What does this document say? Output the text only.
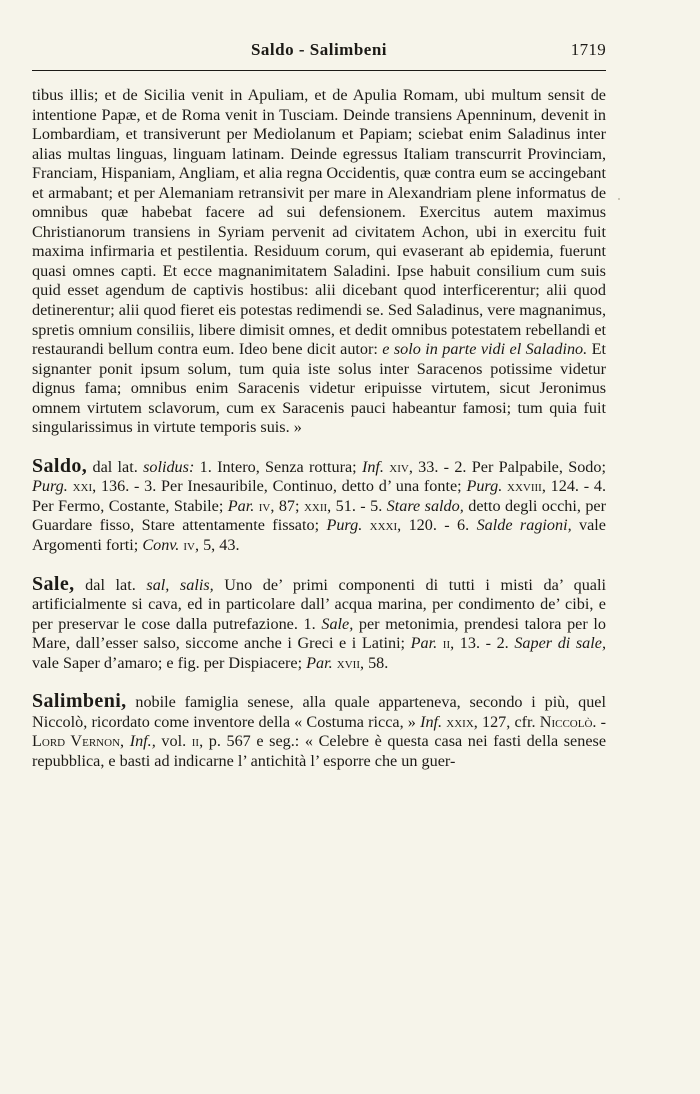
Saldo - Salimbeni	1719

tibus illis; et de Sicilia venit in Apuliam, et de Apulia Romam, ubi multum sensit de intentione Papæ, et de Roma venit in Tusciam. Deinde transiens Apenninum, devenit in Lombardiam, et transiverunt per Mediolanum et Papiam; sciebat enim Saladinus inter alias multas linguas, linguam latinam. Deinde egressus Italiam transcurrit Provinciam, Franciam, Hispaniam, Angliam, et alia regna Occidentis, quæ contra eum se accingebant et armabant; et per Alemaniam retransivit per mare in Alexandriam plene informatus de omnibus quæ habebat facere ad sui defensionem. Exercitus autem maximus Christianorum transiens in Syriam pervenit ad civitatem Achon, ubi in exercitu fuit maxima infirmaria et pestilentia. Residuum corum, qui evaserant ab epidemia, fuerunt quasi omnes capti. Et ecce magnanimitatem Saladini. Ipse habuit consilium cum suis quid esset agendum de captivis hostibus: alii dicebant quod interficerentur; alii quod detinerentur; alii quod fieret eis potestas redimendi se. Sed Saladinus, vere magnanimus, spretis omnium consiliis, libere dimisit omnes, et dedit omnibus potestatem rebellandi et restaurandi bellum contra eum. Ideo bene dicit autor: e solo in parte vidi el Saladino. Et signanter ponit ipsum solum, tum quia iste solus inter Saracenos potissime videtur dignus fama; omnibus enim Saracenis videtur eripuisse virtutem, sicut Jeronimus omnem virtutem sclavorum, cum ex Saracenis pauci habeantur famosi; tum quia fuit singularissimus in virtute temporis suis. »

Saldo, dal lat. solidus: 1. Intero, Senza rottura; Inf. xiv, 33. - 2. Per Palpabile, Sodo; Purg. xxi, 136. - 3. Per Inesauribile, Continuo, detto d’ una fonte; Purg. xxviii, 124. - 4. Per Fermo, Costante, Stabile; Par. iv, 87; xxii, 51. - 5. Stare saldo, detto degli occhi, per Guardare fisso, Stare attentamente fissato; Purg. xxxi, 120. - 6. Salde ragioni, vale Argomenti forti; Conv. iv, 5, 43.

Sale, dal lat. sal, salis, Uno de’ primi componenti di tutti i misti da’ quali artificialmente si cava, ed in particolare dall’ acqua marina, per condimento de’ cibi, e per preservar le cose dalla putrefazione. 1. Sale, per metonimia, prendesi talora per lo Mare, dall’esser salso, siccome anche i Greci e i Latini; Par. ii, 13. - 2. Saper di sale, vale Saper d’amaro; e fig. per Dispiacere; Par. xvii, 58.

Salimbeni, nobile famiglia senese, alla quale apparteneva, secondo i più, quel Niccolò, ricordato come inventore della « Costuma ricca, » Inf. xxix, 127, cfr. Niccolò. - Lord Vernon, Inf., vol. ii, p. 567 e seg.: « Celebre è questa casa nei fasti della senese repubblica, e basti ad indicarne l’ antichità l’ esporre che un guer-
